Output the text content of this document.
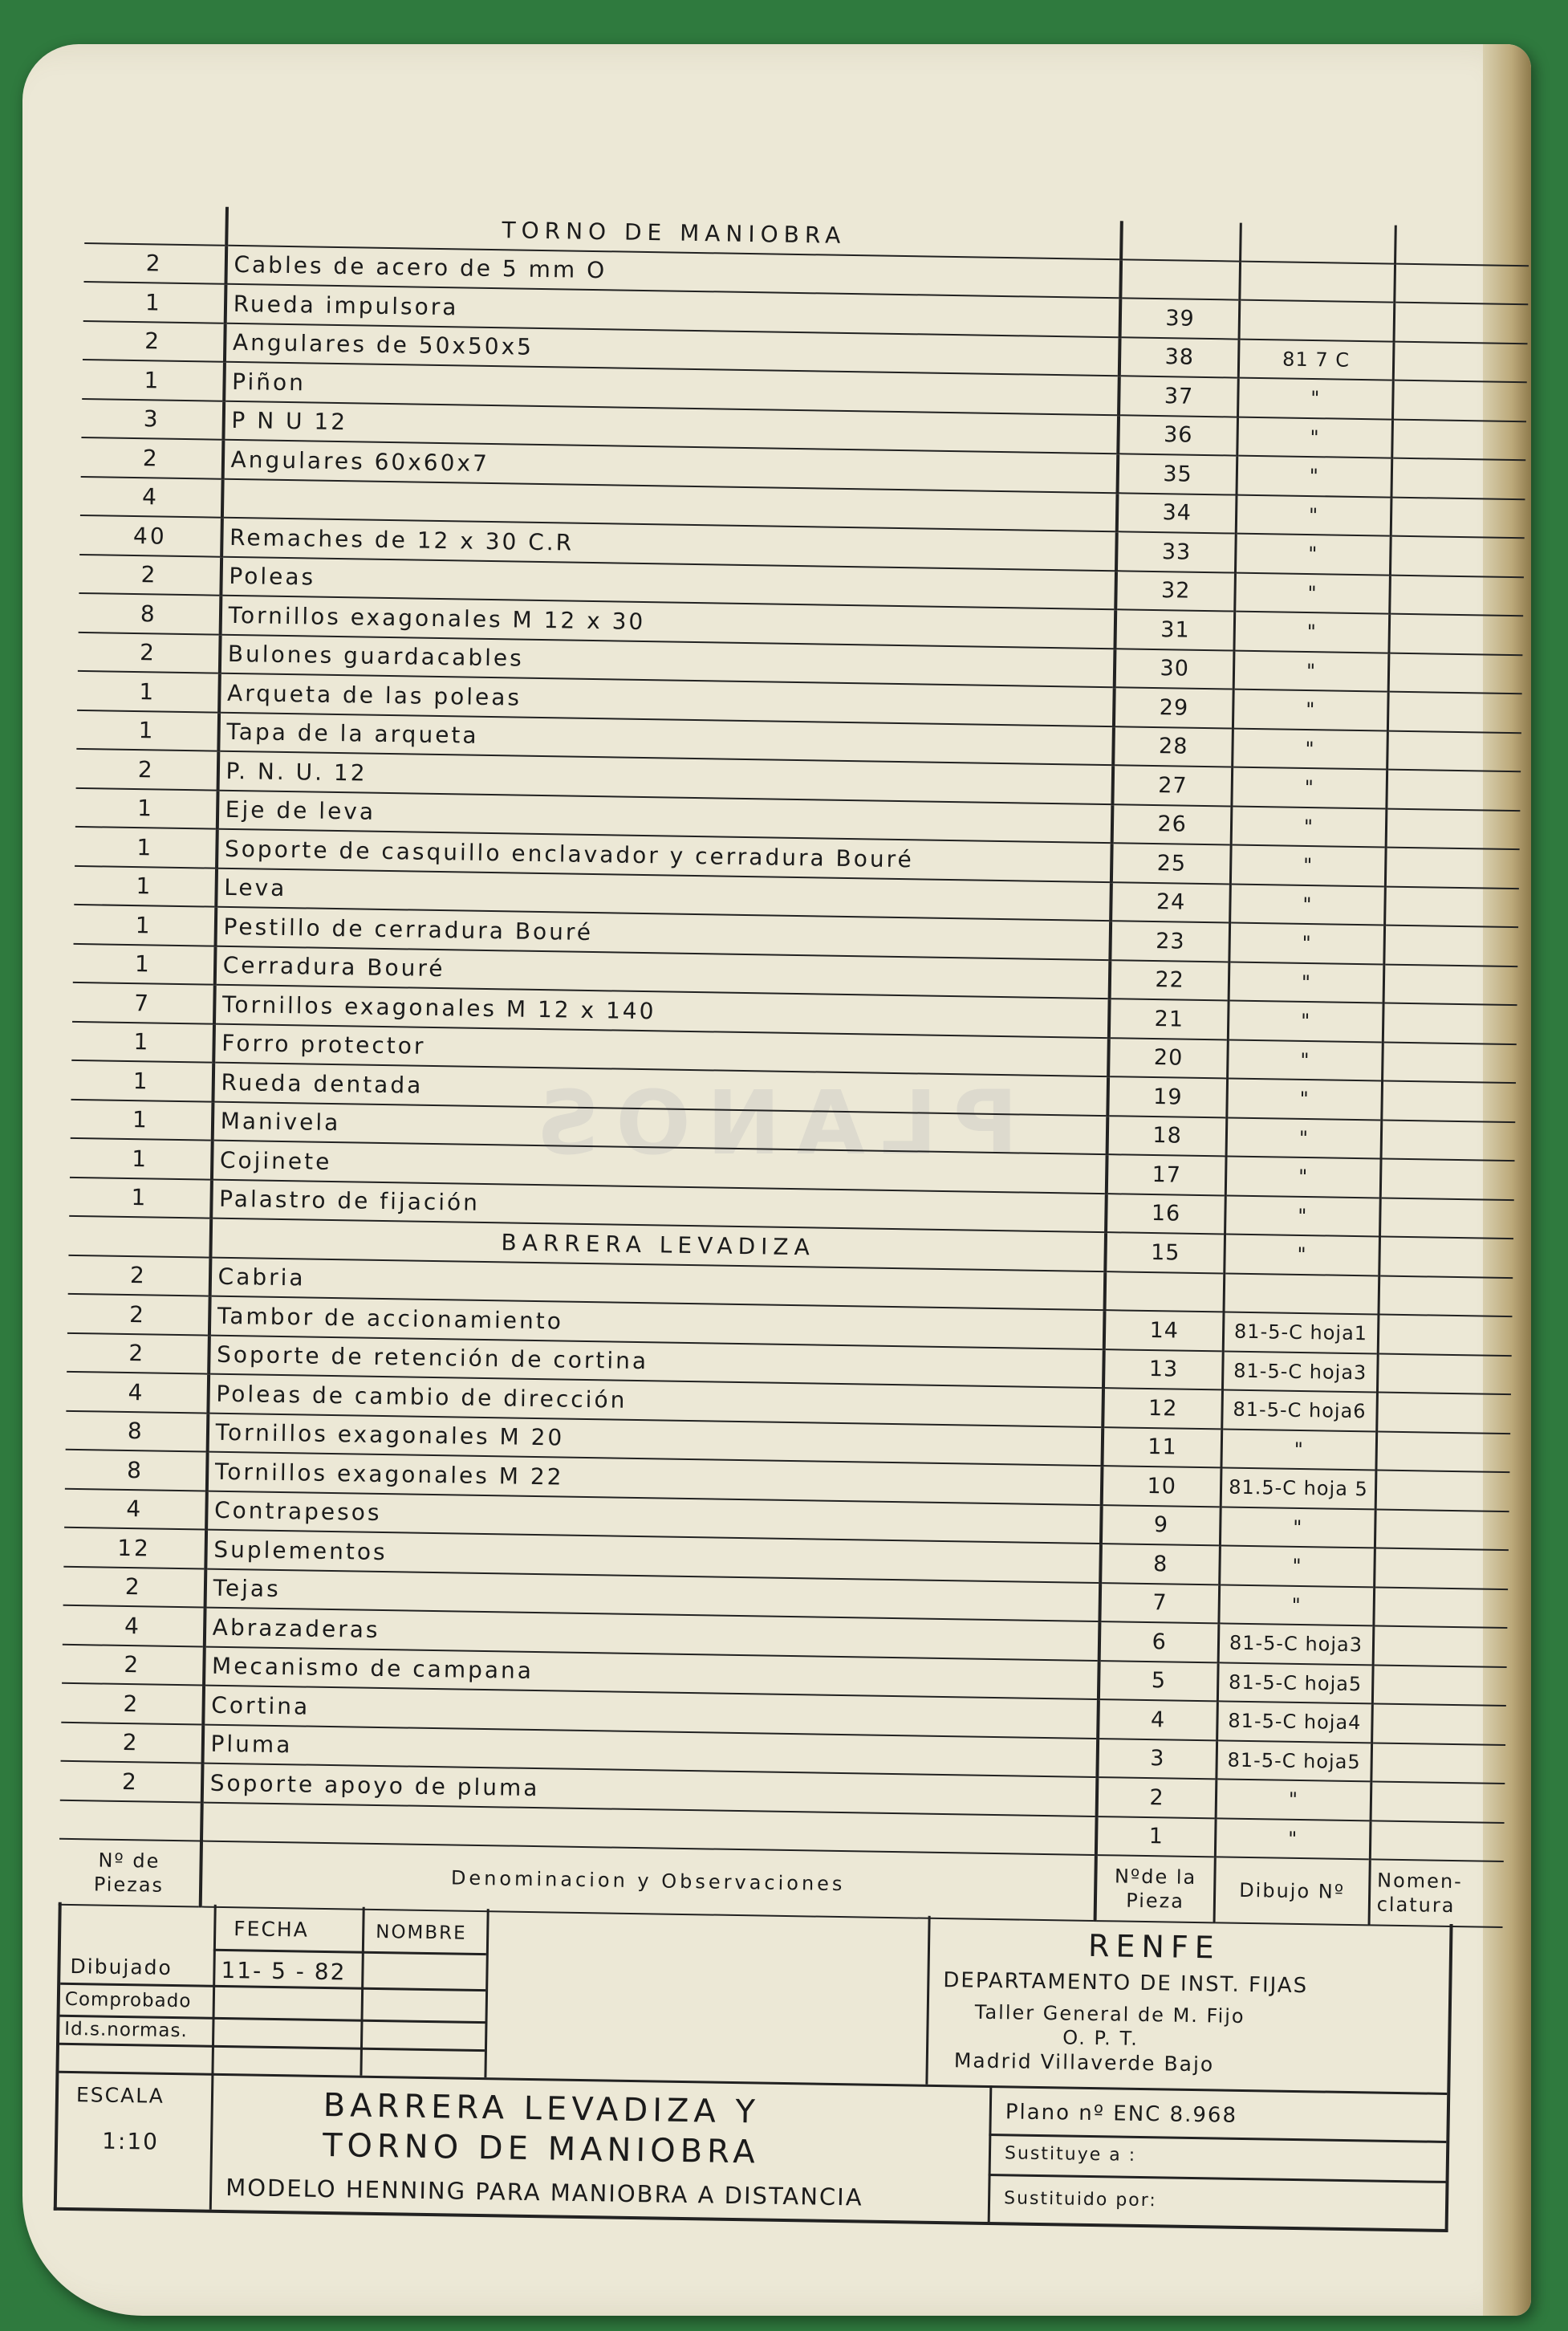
PLANOS
	TORNO DE MANIOBRA			
2	Cables de acero de 5 mm O			
1	Rueda impulsora	39		
2	Angulares de 50x50x5	38	81 7 C	
1	Piñon	37	"	
3	P N U 12	36	"	
2	Angulares 60x60x7	35	"	
4		34	"	
40	Remaches de 12 x 30 C.R	33	"	
2	Poleas	32	"	
8	Tornillos exagonales M 12 x 30	31	"	
2	Bulones guardacables	30	"	
1	Arqueta de las poleas	29	"	
1	Tapa de la arqueta	28	"	
2	P. N. U. 12	27	"	
1	Eje de leva	26	"	
1	Soporte de casquillo enclavador y cerradura Bouré	25	"	
1	Leva	24	"	
1	Pestillo de cerradura Bouré	23	"	
1	Cerradura Bouré	22	"	
7	Tornillos exagonales M 12 x 140	21	"	
1	Forro protector	20	"	
1	Rueda dentada	19	"	
1	Manivela	18	"	
1	Cojinete	17	"	
1	Palastro de fijación	16	"	
	BARRERA LEVADIZA	15	"	
2	Cabria			
2	Tambor de accionamiento	14	81-5-C hoja1	
2	Soporte de retención de cortina	13	81-5-C hoja3	
4	Poleas de cambio de dirección	12	81-5-C hoja6	
8	Tornillos exagonales M 20	11	"	
8	Tornillos exagonales M 22	10	81.5-C hoja 5	
4	Contrapesos	9	"	
12	Suplementos	8	"	
2	Tejas	7	"	
4	Abrazaderas	6	81-5-C hoja3	
2	Mecanismo de campana	5	81-5-C hoja5	
2	Cortina	4	81-5-C hoja4	
2	Pluma	3	81-5-C hoja5	
2	Soporte apoyo de pluma	2	"	
		1	"	
Nº de Piezas	Denominacion y Observaciones	Nºde la Pieza	Dibujo Nº	Nomen-clatura
FECHA	NOMBRE
Dibujado 11- 5 - 82
Comprobado
Id.s.normas.
ESCALA
1:10
BARRERA LEVADIZA Y
TORNO DE MANIOBRA
MODELO HENNING PARA MANIOBRA A DISTANCIA
RENFE
DEPARTAMENTO DE INST. FIJAS
Taller General de M. Fijo
O. P. T.
Madrid Villaverde Bajo
Plano nº ENC 8.968
Sustituye a :
Sustituido por:
